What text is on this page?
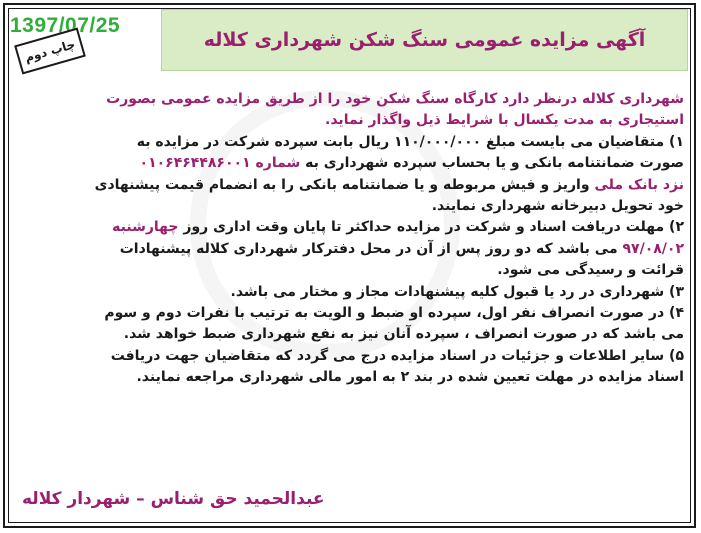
1397/07/25
چاپ دوم	آگهی مزایده عمومی سنگ شکن شهرداری کلاله
شهرداری کلاله درنظر دارد کارگاه سنگ شکن خود را از طریق مزایده عمومی بصورت
استیجاری به مدت یکسال با شرایط ذیل واگذار نماید.
۱) متقاضیان می بایست مبلغ ۱۱۰/۰۰۰/۰۰۰ ریال بابت سپرده شرکت در مزایده به
صورت ضمانتنامه بانکی و یا بحساب سپرده شهرداری به شماره ۰۱۰۶۴۶۴۴۸۶۰۰۱
نزد بانک ملی واریز و فیش مربوطه و یا ضمانتنامه بانکی را به انضمام قیمت پیشنهادی
خود تحویل دبیرخانه شهرداری نمایند.
۲) مهلت دریافت اسناد و شرکت در مزایده حداکثر تا پایان وقت اداری روز چهارشنبه
۹۷/۰۸/۰۲ می باشد که دو روز پس از آن در محل دفترکار شهرداری کلاله پیشنهادات
قرائت و رسیدگی می شود.
۳) شهرداری در رد یا قبول کلیه پیشنهادات مجاز و مختار می باشد.
۴) در صورت انصراف نفر اول، سپرده او ضبط و الویت به ترتیب با نفرات دوم و سوم
می باشد که در صورت انصراف ، سپرده آنان نیز به نفع شهرداری ضبط خواهد شد.
۵) سایر اطلاعات و جزئیات در اسناد مزایده درج می گردد که متقاضیان جهت دریافت
اسناد مزایده در مهلت تعیین شده در بند ۲ به امور مالی شهرداری مراجعه نمایند.
عبدالحمید حق شناس – شهردار کلاله
